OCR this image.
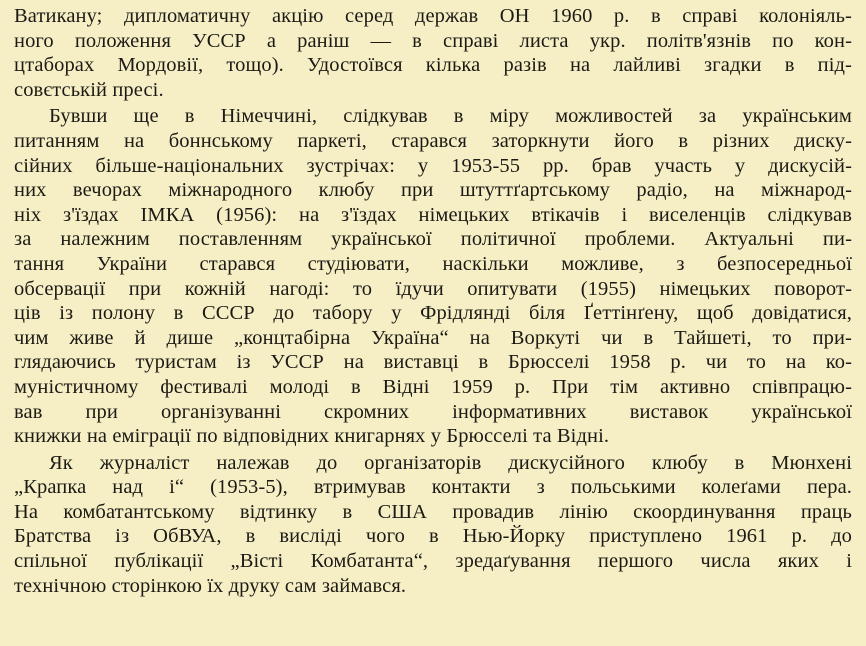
Ватикану; дипломатичну акцію серед держав ОН 1960 р. в справі колоніяль-
ного положення УССР а раніш — в справі листа укр. політв'язнів по кон-
цтаборах Мордовії, тощо). Удостоївся кілька разів на лайливі згадки в під-
совєтській пресі.
Бувши ще в Німеччині, слідкував в міру можливостей за українським
питанням на боннському паркеті, старався заторкнути його в різних диску-
сійних більше-національних зустрічах: у 1953-55 рр. брав участь у дискусій-
них вечорах міжнародного клюбу при штуттґартському радіо, на міжнарод-
ніх з'їздах ІМКА (1956): на з'їздах німецьких втікачів і виселенців слідкував
за належним поставленням української політичної проблеми. Актуальні пи-
тання України старався студіювати, наскільки можливе, з безпосередньої
обсервації при кожній нагоді: то їдучи опитувати (1955) німецьких поворот-
ців із полону в СССР до табору у Фрідлянді біля Ґеттінґену, щоб довідатися,
чим живе й дише „концтабірна Україна“ на Воркуті чи в Тайшеті, то при-
глядаючись туристам із УССР на виставці в Брюсселі 1958 р. чи то на ко-
муністичному фестивалі молоді в Відні 1959 р. При тім активно співпрацю-
вав при організуванні скромних інформативних виставок української
книжки на еміграції по відповідних книгарнях у Брюсселі та Відні.
Як журналіст належав до організаторів дискусійного клюбу в Мюнхені
„Крапка над і“ (1953-5), втримував контакти з польськими колеґами пера.
На комбатантському відтинку в США провадив лінію скоординування праць
Братства із ОбВУА, в висліді чого в Нью-Йорку приступлено 1961 р. до
спільної публікації „Вісті Комбатанта“, зредаґування першого числа яких і
технічною сторінкою їх друку сам займався.
